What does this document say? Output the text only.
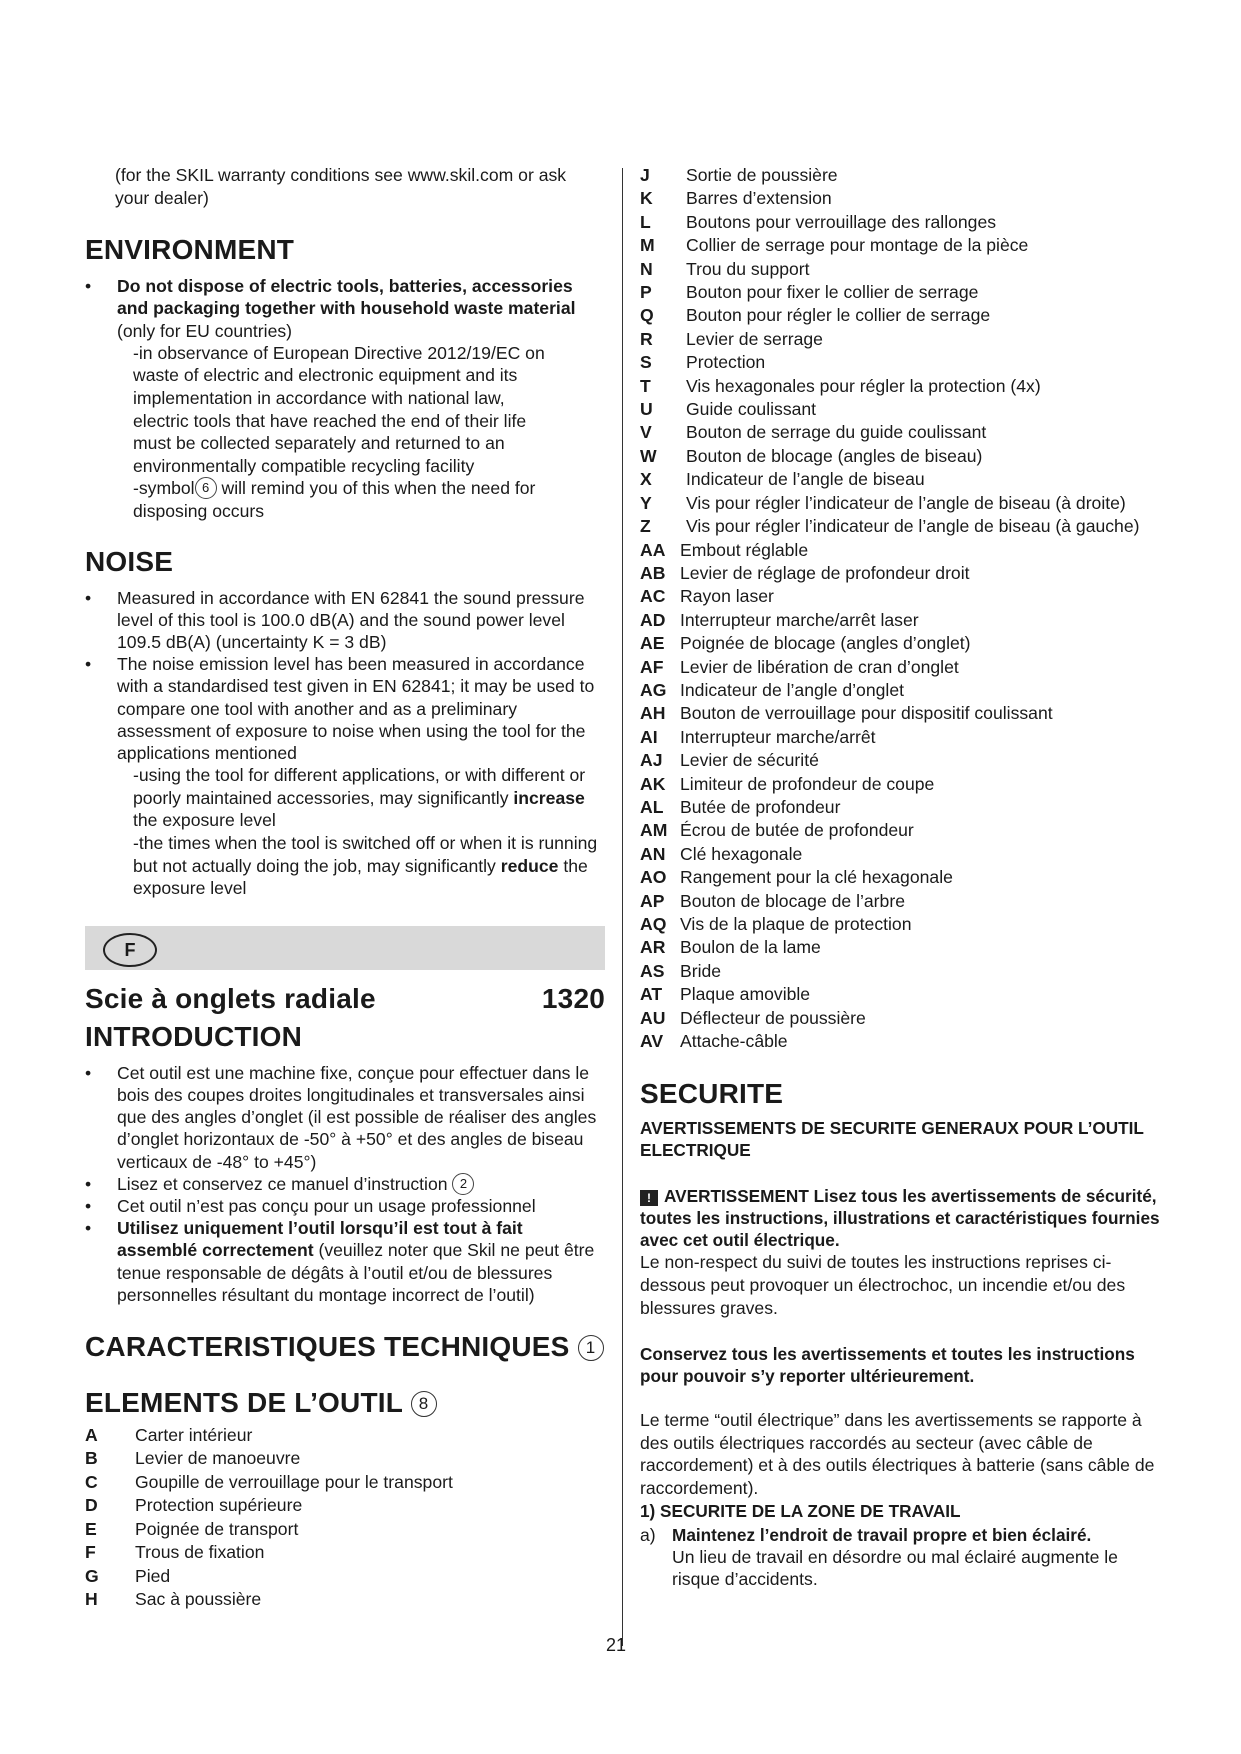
(for the SKIL warranty conditions see www.skil.com or ask your dealer)

ENVIRONMENT
• Do not dispose of electric tools, batteries, accessories and packaging together with household waste material (only for EU countries)

-in observance of European Directive 2012/19/EC on waste of electric and electronic equipment and its implementation in accordance with national law, electric tools that have reached the end of their life must be collected separately and returned to an environmentally compatible recycling facility

-symbol 6 will remind you of this when the need for disposing occurs

NOISE
• Measured in accordance with EN 62841 the sound pressure level of this tool is 100.0 dB(A) and the sound power level 109.5 dB(A) (uncertainty K = 3 dB)
• The noise emission level has been measured in accordance with a standardised test given in EN 62841; it may be used to compare one tool with another and as a preliminary assessment of exposure to noise when using the tool for the applications mentioned

-using the tool for different applications, or with different or poorly maintained accessories, may significantly increase the exposure level

-the times when the tool is switched off or when it is running but not actually doing the job, may significantly reduce the exposure level

F
Scie à onglets radiale	1320
INTRODUCTION
• Cet outil est une machine fixe, conçue pour effectuer dans le bois des coupes droites longitudinales et transversales ainsi que des angles d’onglet (il est possible de réaliser des angles d’onglet horizontaux de -50° à +50° et des angles de biseau verticaux de -48° to +45°)
• Lisez et conservez ce manuel d’instruction 2
• Cet outil n’est pas conçu pour un usage professionnel
• Utilisez uniquement l’outil lorsqu’il est tout à fait assemblé correctement (veuillez noter que Skil ne peut être tenue responsable de dégâts à l’outil et/ou de blessures personnelles résultant du montage incorrect de l’outil)
CARACTERISTIQUES TECHNIQUES 1
ELEMENTS DE L’OUTIL 8
A	Carter intérieur
B	Levier de manoeuvre
C	Goupille de verrouillage pour le transport
D	Protection supérieure
E	Poignée de transport
F	Trous de fixation
G	Pied
H	Sac à poussière
J	Sortie de poussière
K	Barres d’extension
L	Boutons pour verrouillage des rallonges
M	Collier de serrage pour montage de la pièce
N	Trou du support
P	Bouton pour fixer le collier de serrage
Q	Bouton pour régler le collier de serrage
R	Levier de serrage
S	Protection
T	Vis hexagonales pour régler la protection (4x)
U	Guide coulissant
V	Bouton de serrage du guide coulissant
W	Bouton de blocage (angles de biseau)
X	Indicateur de l’angle de biseau
Y	Vis pour régler l’indicateur de l’angle de biseau (à droite)
Z	Vis pour régler l’indicateur de l’angle de biseau (à gauche)
AA Embout réglable
AB Levier de réglage de profondeur droit
AC Rayon laser
AD Interrupteur marche/arrêt laser
AE Poignée de blocage (angles d’onglet)
AF Levier de libération de cran d’onglet
AG Indicateur de l’angle d’onglet
AH Bouton de verrouillage pour dispositif coulissant
AI	Interrupteur marche/arrêt
AJ Levier de sécurité
AK Limiteur de profondeur de coupe
AL Butée de profondeur
AM Écrou de butée de profondeur
AN Clé hexagonale
AO Rangement pour la clé hexagonale
AP Bouton de blocage de l’arbre
AQ Vis de la plaque de protection
AR Boulon de la lame
AS Bride
AT	Plaque amovible
AU Déflecteur de poussière
AV Attache-câble
SECURITE
AVERTISSEMENTS DE SECURITE GENERAUX POUR L’OUTIL ELECTRIQUE
! AVERTISSEMENT Lisez tous les avertissements de sécurité, toutes les instructions, illustrations et caractéristiques fournies avec cet outil électrique.

Le non-respect du suivi de toutes les instructions reprises ci-dessous peut provoquer un électrochoc, un incendie et/ou des blessures graves.

Conservez tous les avertissements et toutes les instructions pour pouvoir s’y reporter ultérieurement.

Le terme “outil électrique” dans les avertissements se rapporte à des outils électriques raccordés au secteur (avec câble de raccordement) et à des outils électriques à batterie (sans câble de raccordement).

1) SECURITE DE LA ZONE DE TRAVAIL
a) Maintenez l’endroit de travail propre et bien éclairé.

Un lieu de travail en désordre ou mal éclairé augmente le risque d’accidents.

21
